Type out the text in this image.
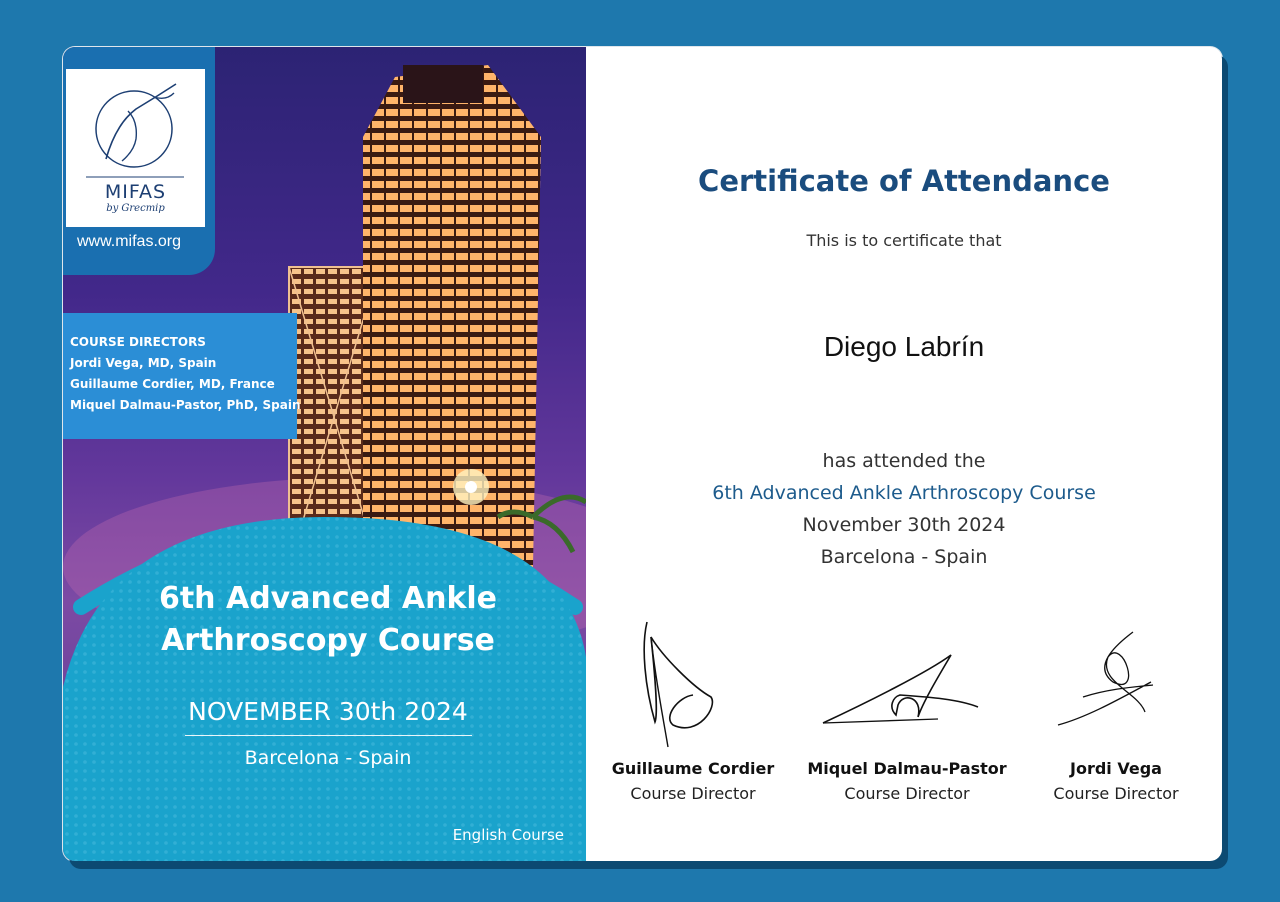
MIFAS
by Grecmip
www.mifas.org
COURSE DIRECTORS
Jordi Vega, MD, Spain
Guillaume Cordier, MD, France
Miquel Dalmau-Pastor, PhD, Spain
6th Advanced Ankle
Arthroscopy Course
NOVEMBER 30th 2024
Barcelona - Spain
English Course
Certificate of Attendance
This is to certificate that
Diego Labrín
has attended the
6th Advanced Ankle Arthroscopy Course
November 30th 2024
Barcelona - Spain
Guillaume Cordier
Course Director
Miquel Dalmau-Pastor
Course Director
Jordi Vega
Course Director
